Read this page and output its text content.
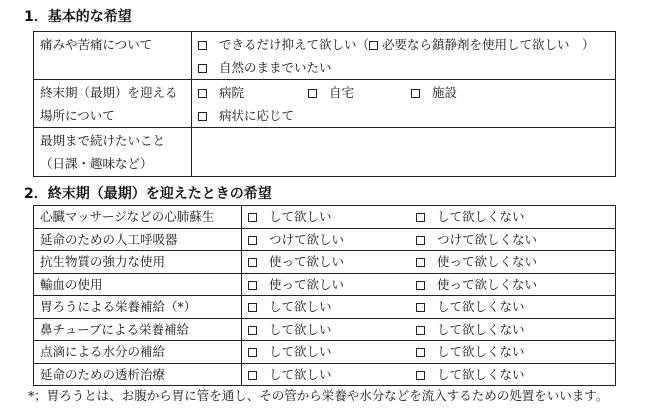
1．基本的な希望
痛みや苦痛について	できるだけ抑えて欲しい（ 必要なら鎮静剤を使用して欲しい　）
自然のままでいたい

終末期（最期）を迎える
場所について	病院 自宅 施設
病状に応じて

最期まで続けたいこと
（日課・趣味など）	

2．終末期（最期）を迎えたときの希望
心臓マッサージなどの心肺蘇生	して欲しい して欲しくない
延命のための人工呼吸器	つけて欲しい つけて欲しくない
抗生物質の強力な使用	使って欲しい 使って欲しくない
輸血の使用	使って欲しい 使って欲しくない
胃ろうによる栄養補給（*）	して欲しい して欲しくない
鼻チューブによる栄養補給	して欲しい して欲しくない
点滴による水分の補給	して欲しい して欲しくない
延命のための透析治療	して欲しい して欲しくない
*；胃ろうとは、お腹から胃に管を通し、その管から栄養や水分などを流入するための処置をいいます。
